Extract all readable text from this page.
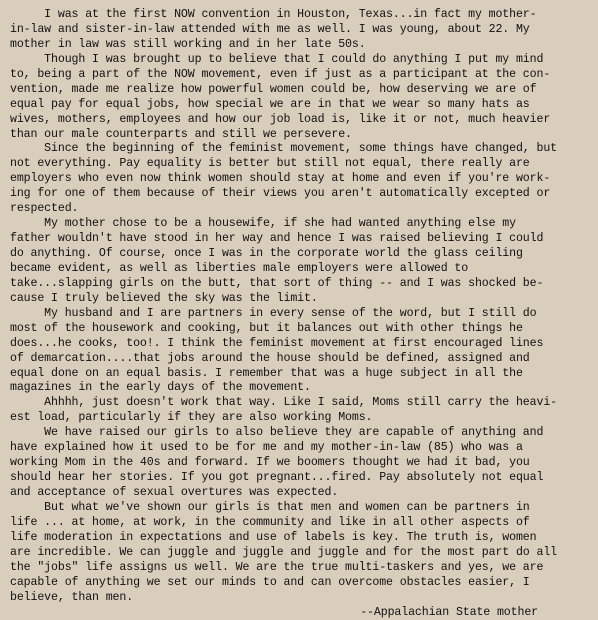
I was at the first NOW convention in Houston, Texas...in fact my mother-
in-law and sister-in-law attended with me as well. I was young, about 22. My
mother in law was still working and in her late 50s.
Though I was brought up to believe that I could do anything I put my mind
to, being a part of the NOW movement, even if just as a participant at the con-
vention, made me realize how powerful women could be, how deserving we are of
equal pay for equal jobs, how special we are in that we wear so many hats as
wives, mothers, employees and how our job load is, like it or not, much heavier
than our male counterparts and still we persevere.
Since the beginning of the feminist movement, some things have changed, but
not everything. Pay equality is better but still not equal, there really are
employers who even now think women should stay at home and even if you're work-
ing for one of them because of their views you aren't automatically excepted or
respected.
My mother chose to be a housewife, if she had wanted anything else my
father wouldn't have stood in her way and hence I was raised believing I could
do anything. Of course, once I was in the corporate world the glass ceiling
became evident, as well as liberties male employers were allowed to
take...slapping girls on the butt, that sort of thing -- and I was shocked be-
cause I truly believed the sky was the limit.
My husband and I are partners in every sense of the word, but I still do
most of the housework and cooking, but it balances out with other things he
does...he cooks, too!. I think the feminist movement at first encouraged lines
of demarcation....that jobs around the house should be defined, assigned and
equal done on an equal basis. I remember that was a huge subject in all the
magazines in the early days of the movement.
Ahhhh, just doesn't work that way. Like I said, Moms still carry the heavi-
est load, particularly if they are also working Moms.
We have raised our girls to also believe they are capable of anything and
have explained how it used to be for me and my mother-in-law (85) who was a
working Mom in the 40s and forward. If we boomers thought we had it bad, you
should hear her stories. If you got pregnant...fired. Pay absolutely not equal
and acceptance of sexual overtures was expected.
But what we've shown our girls is that men and women can be partners in
life ... at home, at work, in the community and like in all other aspects of
life moderation in expectations and use of labels is key. The truth is, women
are incredible. We can juggle and juggle and juggle and for the most part do all
the "jobs" life assigns us well. We are the true multi-taskers and yes, we are
capable of anything we set our minds to and can overcome obstacles easier, I
believe, than men.
--Appalachian State mother
